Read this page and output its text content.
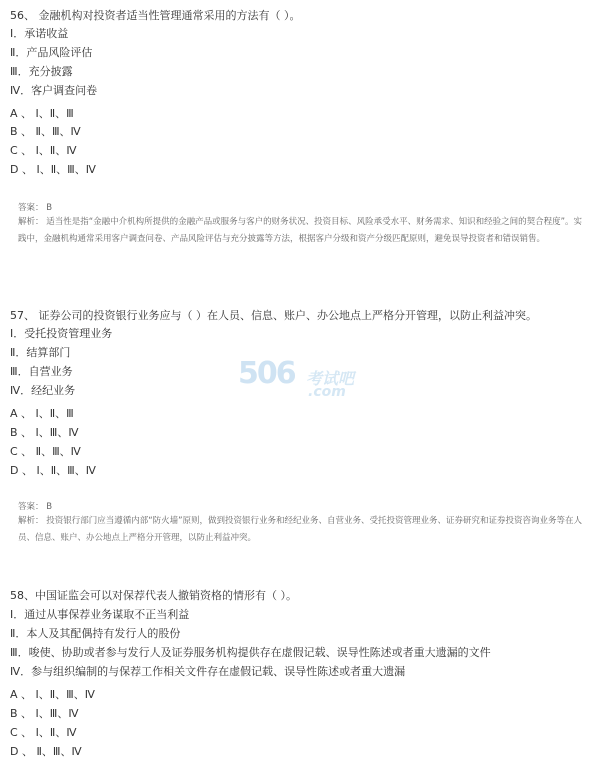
56、 金融机构对投资者适当性管理通常采用的方法有（ ）。
Ⅰ．承诺收益
Ⅱ．产品风险评估
Ⅲ．充分披露
Ⅳ．客户调查问卷
A 、 Ⅰ、Ⅱ、Ⅲ
B 、 Ⅱ、Ⅲ、Ⅳ
C 、 Ⅰ、Ⅱ、Ⅳ
D 、 Ⅰ、Ⅱ、Ⅲ、Ⅳ
答案： B
解析： 适当性是指“金融中介机构所提供的金融产品或服务与客户的财务状况、投资目标、风险承受水平、财务需求、知识和经验之间的契合程度”。实践中，金融机构通常采用客户调查问卷、产品风险评估与充分披露等方法，根据客户分级和资产分级匹配原则，避免误导投资者和错误销售。
57、 证券公司的投资银行业务应与（ ）在人员、信息、账户、办公地点上严格分开管理，以防止利益冲突。
Ⅰ．受托投资管理业务
Ⅱ．结算部门
Ⅲ．自营业务
Ⅳ．经纪业务
A 、 Ⅰ、Ⅱ、Ⅲ
B 、 Ⅰ、Ⅲ、Ⅳ
C 、 Ⅱ、Ⅲ、Ⅳ
D 、 Ⅰ、Ⅱ、Ⅲ、Ⅳ
答案： B
解析： 投资银行部门应当遵循内部“防火墙”原则，做到投资银行业务和经纪业务、自营业务、受托投资管理业务、证券研究和证券投资咨询业务等在人员、信息、账户、办公地点上严格分开管理，以防止利益冲突。
58、中国证监会可以对保荐代表人撤销资格的情形有（ ）。
Ⅰ．通过从事保荐业务谋取不正当利益
Ⅱ．本人及其配偶持有发行人的股份
Ⅲ．唆使、协助或者参与发行人及证券服务机构提供存在虚假记载、误导性陈述或者重大遗漏的文件
Ⅳ．参与组织编制的与保荐工作相关文件存在虚假记载、误导性陈述或者重大遗漏
A 、 Ⅰ、Ⅱ、Ⅲ、Ⅳ
B 、 Ⅰ、Ⅲ、Ⅳ
C 、 Ⅰ、Ⅱ、Ⅳ
D 、 Ⅱ、Ⅲ、Ⅳ
506 考试吧
.com
